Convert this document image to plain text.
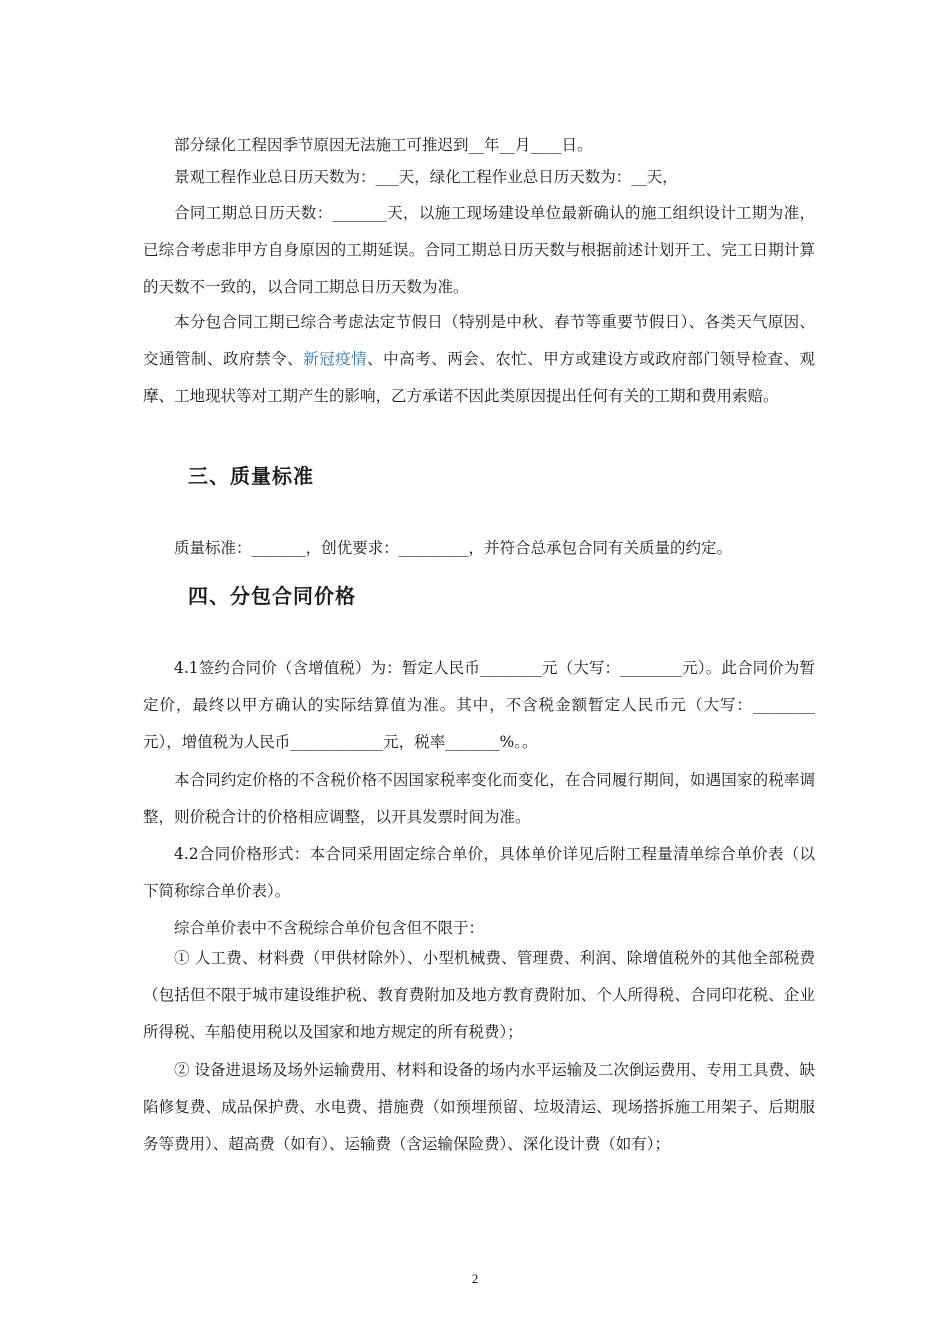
部分绿化工程因季节原因无法施工可推迟到__年__月____日。

景观工程作业总日历天数为：___天，绿化工程作业总日历天数为：__天，

合同工期总日历天数：_______天，以施工现场建设单位最新确认的施工组织设计工期为准，已综合考虑非甲方自身原因的工期延误。合同工期总日历天数与根据前述计划开工、完工日期计算的天数不一致的，以合同工期总日历天数为准。

本分包合同工期已综合考虑法定节假日（特别是中秋、春节等重要节假日）、各类天气原因、交通管制、政府禁令、新冠疫情、中高考、两会、农忙、甲方或建设方或政府部门领导检查、观摩、工地现状等对工期产生的影响，乙方承诺不因此类原因提出任何有关的工期和费用索赔。

三、质量标准

质量标准：_______，创优要求：_________，并符合总承包合同有关质量的约定。

四、分包合同价格

4.1签约合同价（含增值税）为：暂定人民币________元（大写：________元）。此合同价为暂定价，最终以甲方确认的实际结算值为准。其中，不含税金额暂定人民币元（大写：________元），增值税为人民币____________元，税率_______%。。

本合同约定价格的不含税价格不因国家税率变化而变化，在合同履行期间，如遇国家的税率调整，则价税合计的价格相应调整，以开具发票时间为准。

4.2合同价格形式：本合同采用固定综合单价，具体单价详见后附工程量清单综合单价表（以下简称综合单价表）。

综合单价表中不含税综合单价包含但不限于：

① 人工费、材料费（甲供材除外）、小型机械费、管理费、利润、除增值税外的其他全部税费（包括但不限于城市建设维护税、教育费附加及地方教育费附加、个人所得税、合同印花税、企业所得税、车船使用税以及国家和地方规定的所有税费）；

② 设备进退场及场外运输费用、材料和设备的场内水平运输及二次倒运费用、专用工具费、缺陷修复费、成品保护费、水电费、措施费（如预埋预留、垃圾清运、现场搭拆施工用架子、后期服务等费用）、超高费（如有）、运输费（含运输保险费）、深化设计费（如有）；

2
